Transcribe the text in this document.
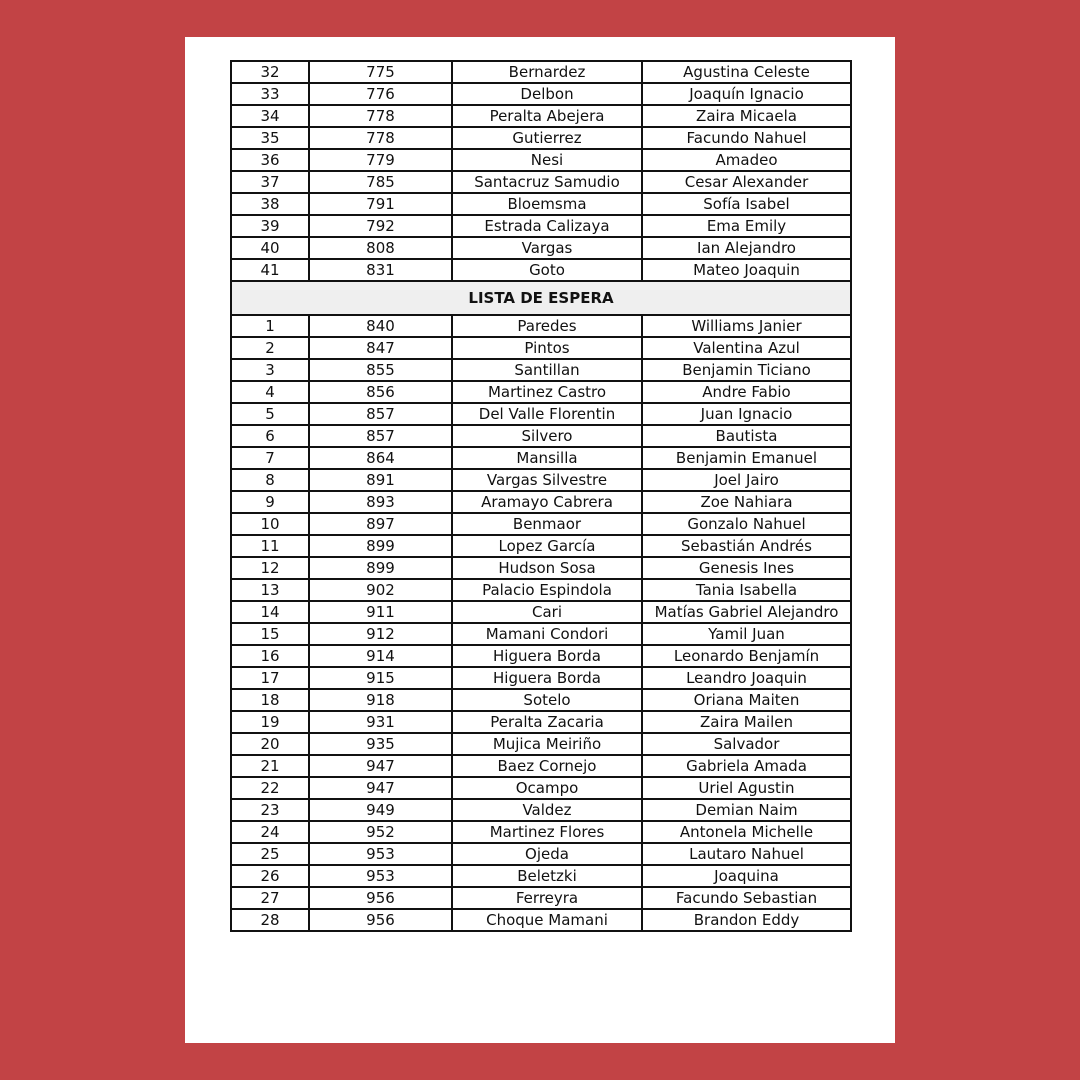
32	775	Bernardez	Agustina Celeste
33	776	Delbon	Joaquín Ignacio
34	778	Peralta Abejera	Zaira Micaela
35	778	Gutierrez	Facundo Nahuel
36	779	Nesi	Amadeo
37	785	Santacruz Samudio	Cesar Alexander
38	791	Bloemsma	Sofía Isabel
39	792	Estrada Calizaya	Ema Emily
40	808	Vargas	Ian Alejandro
41	831	Goto	Mateo Joaquin
LISTA DE ESPERA			
1	840	Paredes	Williams Janier
2	847	Pintos	Valentina Azul
3	855	Santillan	Benjamin Ticiano
4	856	Martinez Castro	Andre Fabio
5	857	Del Valle Florentin	Juan Ignacio
6	857	Silvero	Bautista
7	864	Mansilla	Benjamin Emanuel
8	891	Vargas Silvestre	Joel Jairo
9	893	Aramayo Cabrera	Zoe Nahiara
10	897	Benmaor	Gonzalo Nahuel
11	899	Lopez García	Sebastián Andrés
12	899	Hudson Sosa	Genesis Ines
13	902	Palacio Espindola	Tania Isabella
14	911	Cari	Matías Gabriel Alejandro
15	912	Mamani Condori	Yamil Juan
16	914	Higuera Borda	Leonardo Benjamín
17	915	Higuera Borda	Leandro Joaquin
18	918	Sotelo	Oriana Maiten
19	931	Peralta Zacaria	Zaira Mailen
20	935	Mujica Meiriño	Salvador
21	947	Baez Cornejo	Gabriela Amada
22	947	Ocampo	Uriel Agustin
23	949	Valdez	Demian Naim
24	952	Martinez Flores	Antonela Michelle
25	953	Ojeda	Lautaro Nahuel
26	953	Beletzki	Joaquina
27	956	Ferreyra	Facundo Sebastian
28	956	Choque Mamani	Brandon Eddy
